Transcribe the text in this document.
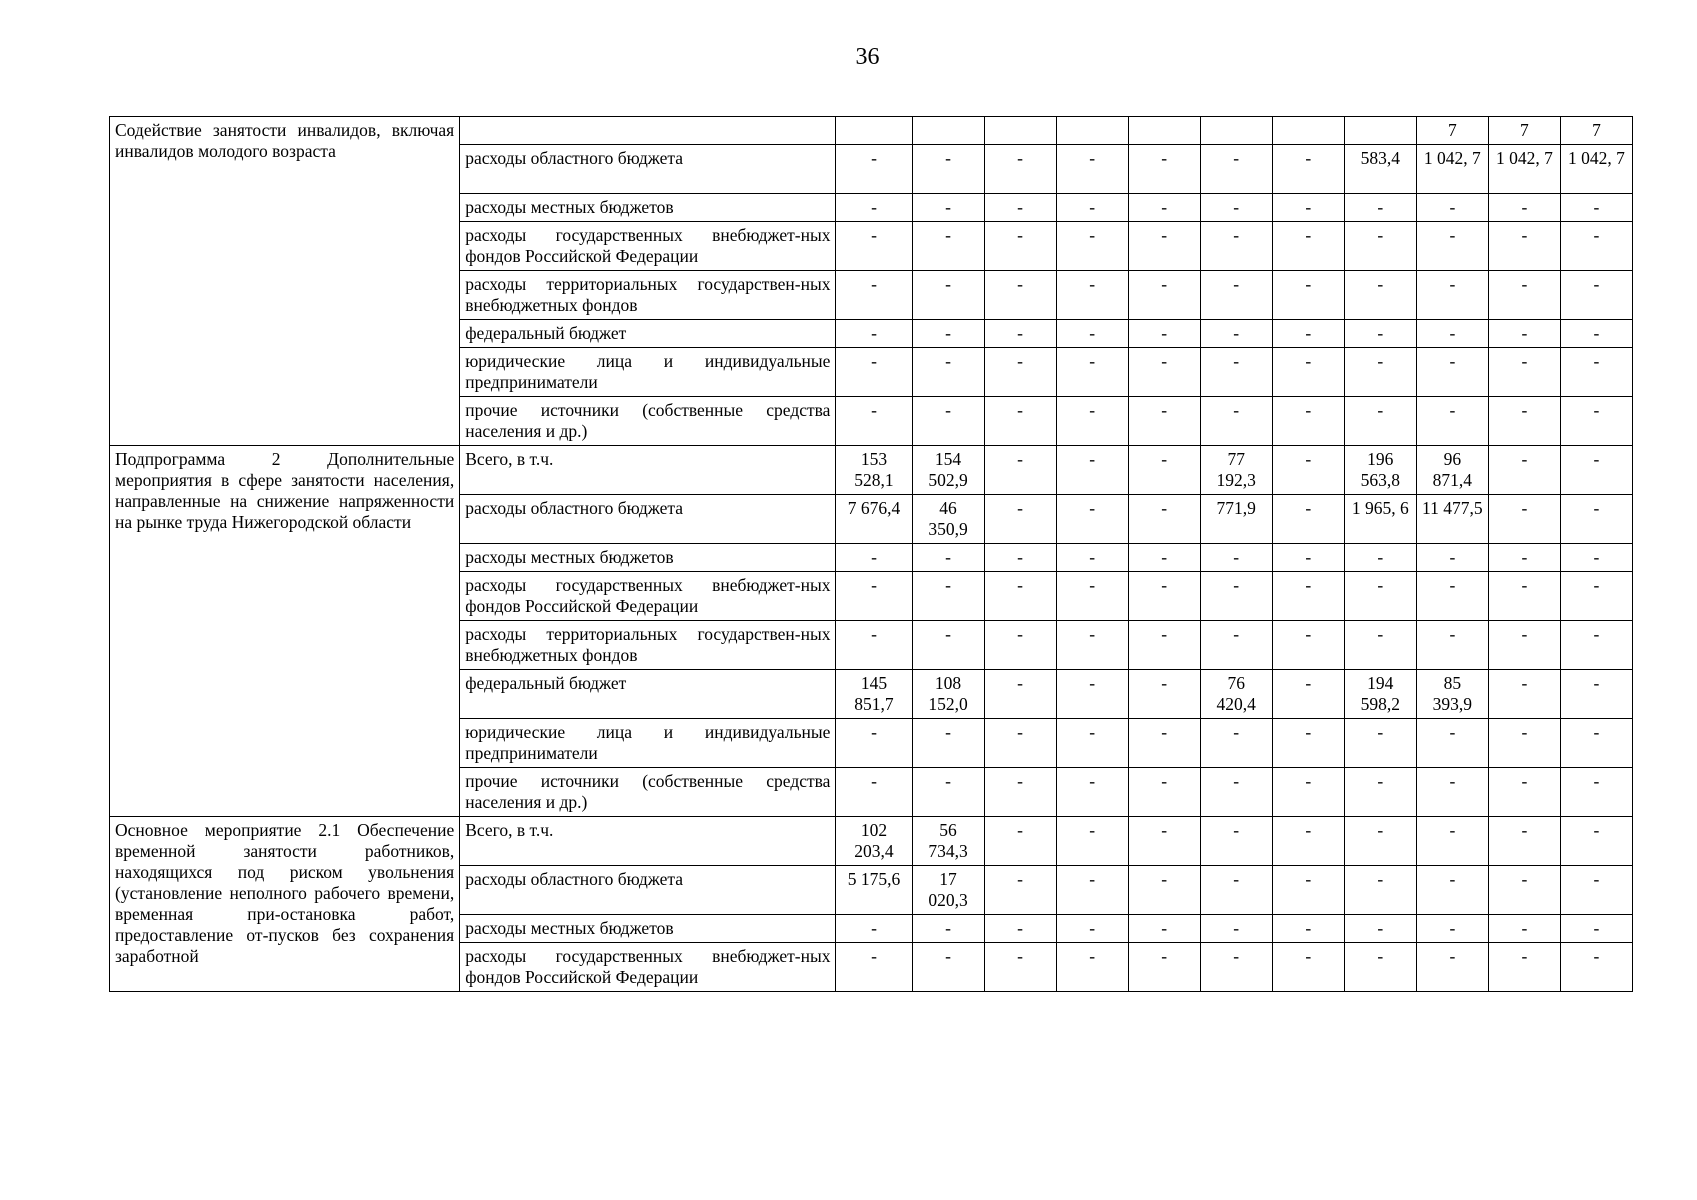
36
Содействие занятости инвалидов, включая инвалидов молодого возраста										7	7	7
	расходы областного бюджета	-	-	-	-	-	-	-	583,4	1 042, 7	1 042, 7	1 042, 7
	расходы местных бюджетов	-	-	-	-	-	-	-	-	-	-	-
	расходы государственных внебюджет-ных фондов Российской Федерации	-	-	-	-	-	-	-	-	-	-	-
	расходы территориальных государствен-ных внебюджетных фондов	-	-	-	-	-	-	-	-	-	-	-
	федеральный бюджет	-	-	-	-	-	-	-	-	-	-	-
	юридические лица и индивидуальные предприниматели	-	-	-	-	-	-	-	-	-	-	-
	прочие источники (собственные средства населения и др.)	-	-	-	-	-	-	-	-	-	-	-
Подпрограмма 2 Дополнительные мероприятия в сфере занятости населения, направленные на снижение напряженности на рынке труда Нижегородской области	Всего, в т.ч.	153 528,1	154 502,9	-	-	-	77 192,3	-	196 563,8	96 871,4	-	-
	расходы областного бюджета	7 676,4	46 350,9	-	-	-	771,9	-	1 965, 6	11 477,5	-	-
	расходы местных бюджетов	-	-	-	-	-	-	-	-	-	-	-
	расходы государственных внебюджет-ных фондов Российской Федерации	-	-	-	-	-	-	-	-	-	-	-
	расходы территориальных государствен-ных внебюджетных фондов	-	-	-	-	-	-	-	-	-	-	-
	федеральный бюджет	145 851,7	108 152,0	-	-	-	76 420,4	-	194 598,2	85 393,9	-	-
	юридические лица и индивидуальные предприниматели	-	-	-	-	-	-	-	-	-	-	-
	прочие источники (собственные средства населения и др.)	-	-	-	-	-	-	-	-	-	-	-
Основное мероприятие 2.1 Обеспечение временной занятости работников, находящихся под риском увольнения (установление неполного рабочего времени, временная при-остановка работ, предоставление от-пусков без сохранения заработной	Всего, в т.ч.	102 203,4	56 734,3	-	-	-	-	-	-	-	-	-
	расходы областного бюджета	5 175,6	17 020,3	-	-	-	-	-	-	-	-	-
	расходы местных бюджетов	-	-	-	-	-	-	-	-	-	-	-
	расходы государственных внебюджет-ных фондов Российской Федерации	-	-	-	-	-	-	-	-	-	-	-
